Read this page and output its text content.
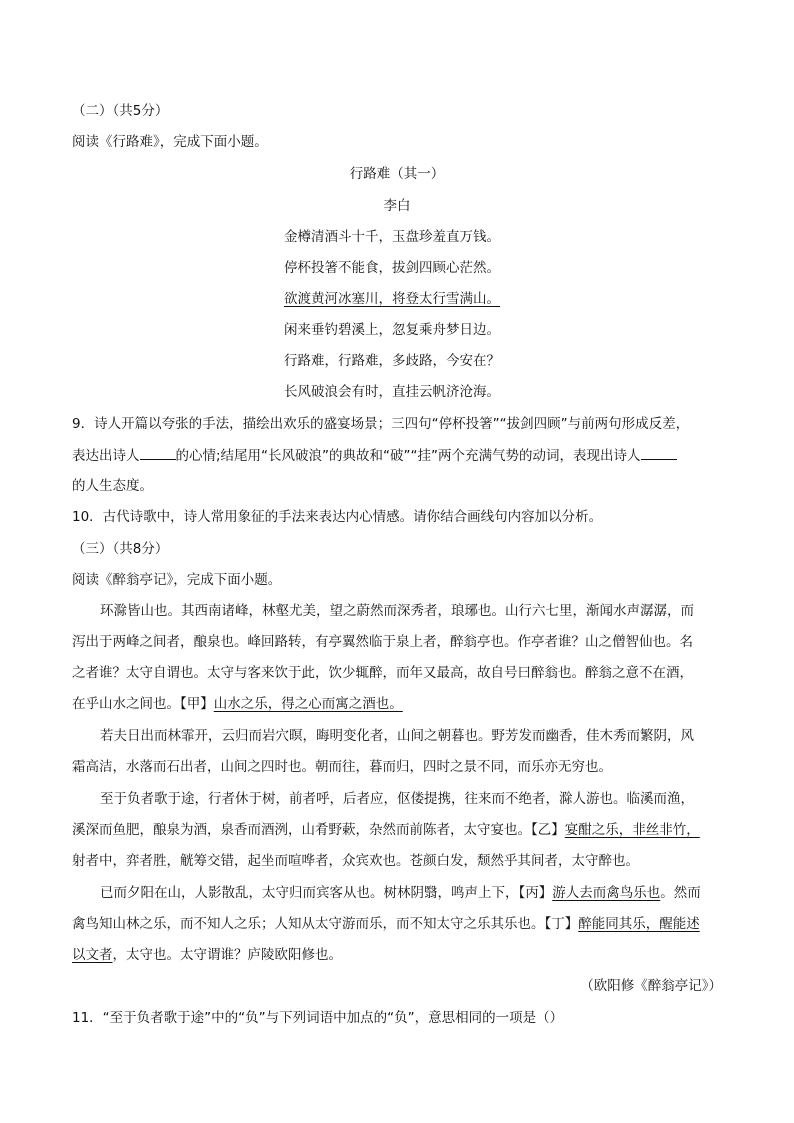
（二）（共5分）
阅读《行路难》，完成下面小题。
行路难（其一）
李白
金樽清酒斗十千，玉盘珍羞直万钱。
停杯投箸不能食，拔剑四顾心茫然。
欲渡黄河冰塞川，将登太行雪满山。
闲来垂钓碧溪上，忽复乘舟梦日边。
行路难，行路难，多歧路，今安在？
长风破浪会有时，直挂云帆济沧海。
9．诗人开篇以夸张的手法，描绘出欢乐的盛宴场景；三四句“停杯投箸”“拔剑四顾”与前两句形成反差，
表达出诗人	的心情;结尾用“长风破浪”的典故和“破”“挂”两个充满气势的动词，表现出诗人
的人生态度。
10．古代诗歌中，诗人常用象征的手法来表达内心情感。请你结合画线句内容加以分析。
（三）（共8分）
阅读《醉翁亭记》，完成下面小题。
环滁皆山也。其西南诸峰，林壑尤美，望之蔚然而深秀者，琅琊也。山行六七里，渐闻水声潺潺，而
泻出于两峰之间者，酿泉也。峰回路转，有亭翼然临于泉上者，醉翁亭也。作亭者谁？山之僧智仙也。名
之者谁？太守自谓也。太守与客来饮于此，饮少辄醉，而年又最高，故自号曰醉翁也。醉翁之意不在酒，
在乎山水之间也。【甲】山水之乐，得之心而寓之酒也。
若夫日出而林霏开，云归而岩穴暝，晦明变化者，山间之朝暮也。野芳发而幽香，佳木秀而繁阴，风
霜高洁，水落而石出者，山间之四时也。朝而往，暮而归，四时之景不同，而乐亦无穷也。
至于负者歌于途，行者休于树，前者呼，后者应，伛偻提携，往来而不绝者，滁人游也。临溪而渔，
溪深而鱼肥，酿泉为酒，泉香而酒洌，山肴野蔌，杂然而前陈者，太守宴也。【乙】宴酣之乐，非丝非竹，
射者中，弈者胜，觥筹交错，起坐而喧哗者，众宾欢也。苍颜白发，颓然乎其间者，太守醉也。
已而夕阳在山，人影散乱，太守归而宾客从也。树林阴翳，鸣声上下，【丙】游人去而禽鸟乐也。然而
禽鸟知山林之乐，而不知人之乐；人知从太守游而乐，而不知太守之乐其乐也。【丁】醉能同其乐，醒能述
以文者，太守也。太守谓谁？庐陵欧阳修也。
（欧阳修《醉翁亭记》）
11．“至于负者歌于途”中的“负”与下列词语中加点的“负”，意思相同的一项是（）
